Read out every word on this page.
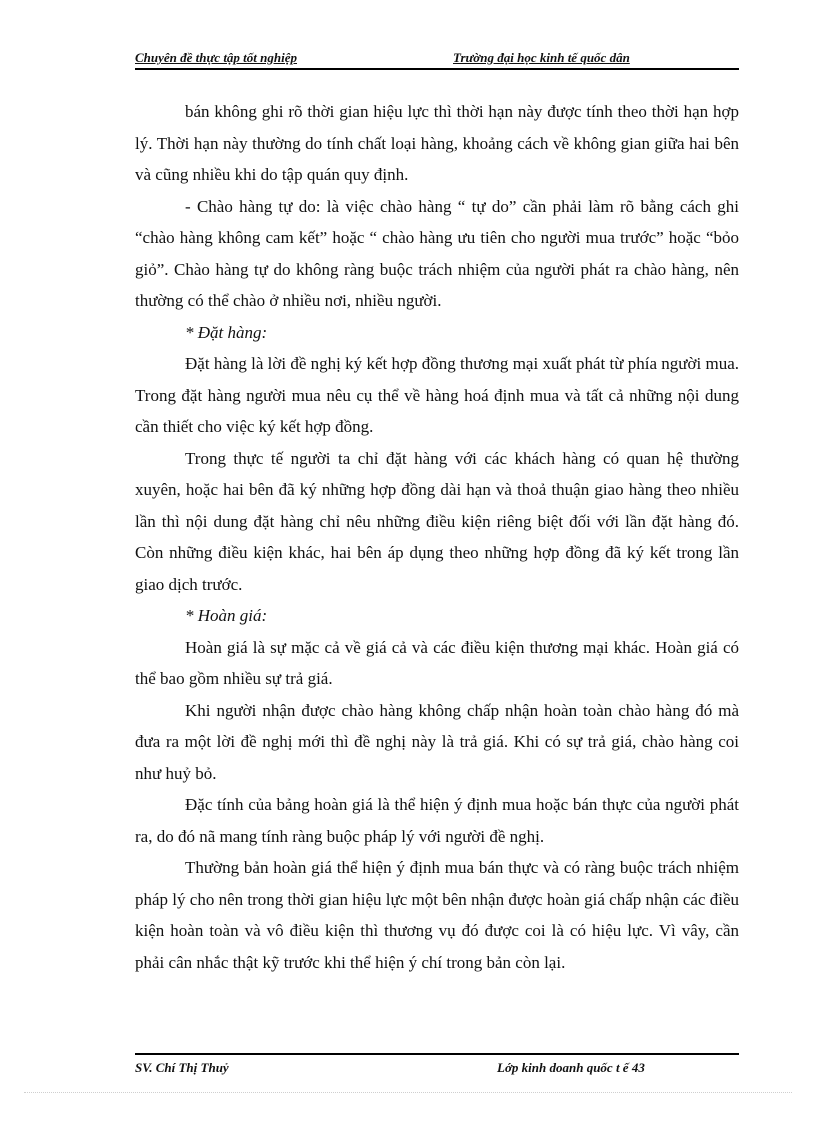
Chuyên đề thực tập tốt nghiệp	Trường đại học kinh tế quốc dân

bán không ghi rõ thời gian hiệu lực thì thời hạn này được tính theo thời hạn hợp lý. Thời hạn này thường do tính chất loại hàng, khoảng cách về không gian giữa hai bên và cũng nhiều khi do tập quán quy định.

- Chào hàng tự do: là việc chào hàng “ tự do” cần phải làm rõ bằng cách ghi “chào hàng không cam kết” hoặc “ chào hàng ưu tiên cho người mua trước” hoặc “bỏo giỏ”. Chào hàng tự do không ràng buộc trách nhiệm của người phát ra chào hàng, nên thường có thể chào ở nhiều nơi, nhiều người.

* Đặt hàng:

Đặt hàng là lời đề nghị ký kết hợp đồng thương mại xuất phát từ phía người mua. Trong đặt hàng người mua nêu cụ thể về hàng hoá định mua và tất cả những nội dung cần thiết cho việc ký kết hợp đồng.

Trong thực tế người ta chỉ đặt hàng với các khách hàng có quan hệ thường xuyên, hoặc hai bên đã ký những hợp đồng dài hạn và thoả thuận giao hàng theo nhiều lần thì nội dung đặt hàng chỉ nêu những điều kiện riêng biệt đối với lần đặt hàng đó. Còn những điều kiện khác, hai bên áp dụng theo những hợp đồng đã ký kết trong lần giao dịch trước.

* Hoàn giá:

Hoàn giá là sự mặc cả về giá cả và các điều kiện thương mại khác. Hoàn giá có thể bao gồm nhiều sự trả giá.

Khi người nhận được chào hàng không chấp nhận hoàn toàn chào hàng đó mà đưa ra một lời đề nghị mới thì đề nghị này là trả giá. Khi có sự trả giá, chào hàng coi như huỷ bỏ.

Đặc tính của bảng hoàn giá là thể hiện ý định mua hoặc bán thực của người phát ra, do đó nã mang tính ràng buộc pháp lý với người đề nghị.

Thường bản hoàn giá thể hiện ý định mua bán thực và có ràng buộc trách nhiệm pháp lý cho nên trong thời gian hiệu lực một bên nhận được hoàn giá chấp nhận các điều kiện hoàn toàn và vô điều kiện thì thương vụ đó được coi là có hiệu lực. Vì vây, cần phải cân nhắc thật kỹ trước khi thể hiện ý chí trong bản còn lại.

SV. Chí Thị Thuỷ	Lớp kinh doanh quốc t ế 43
